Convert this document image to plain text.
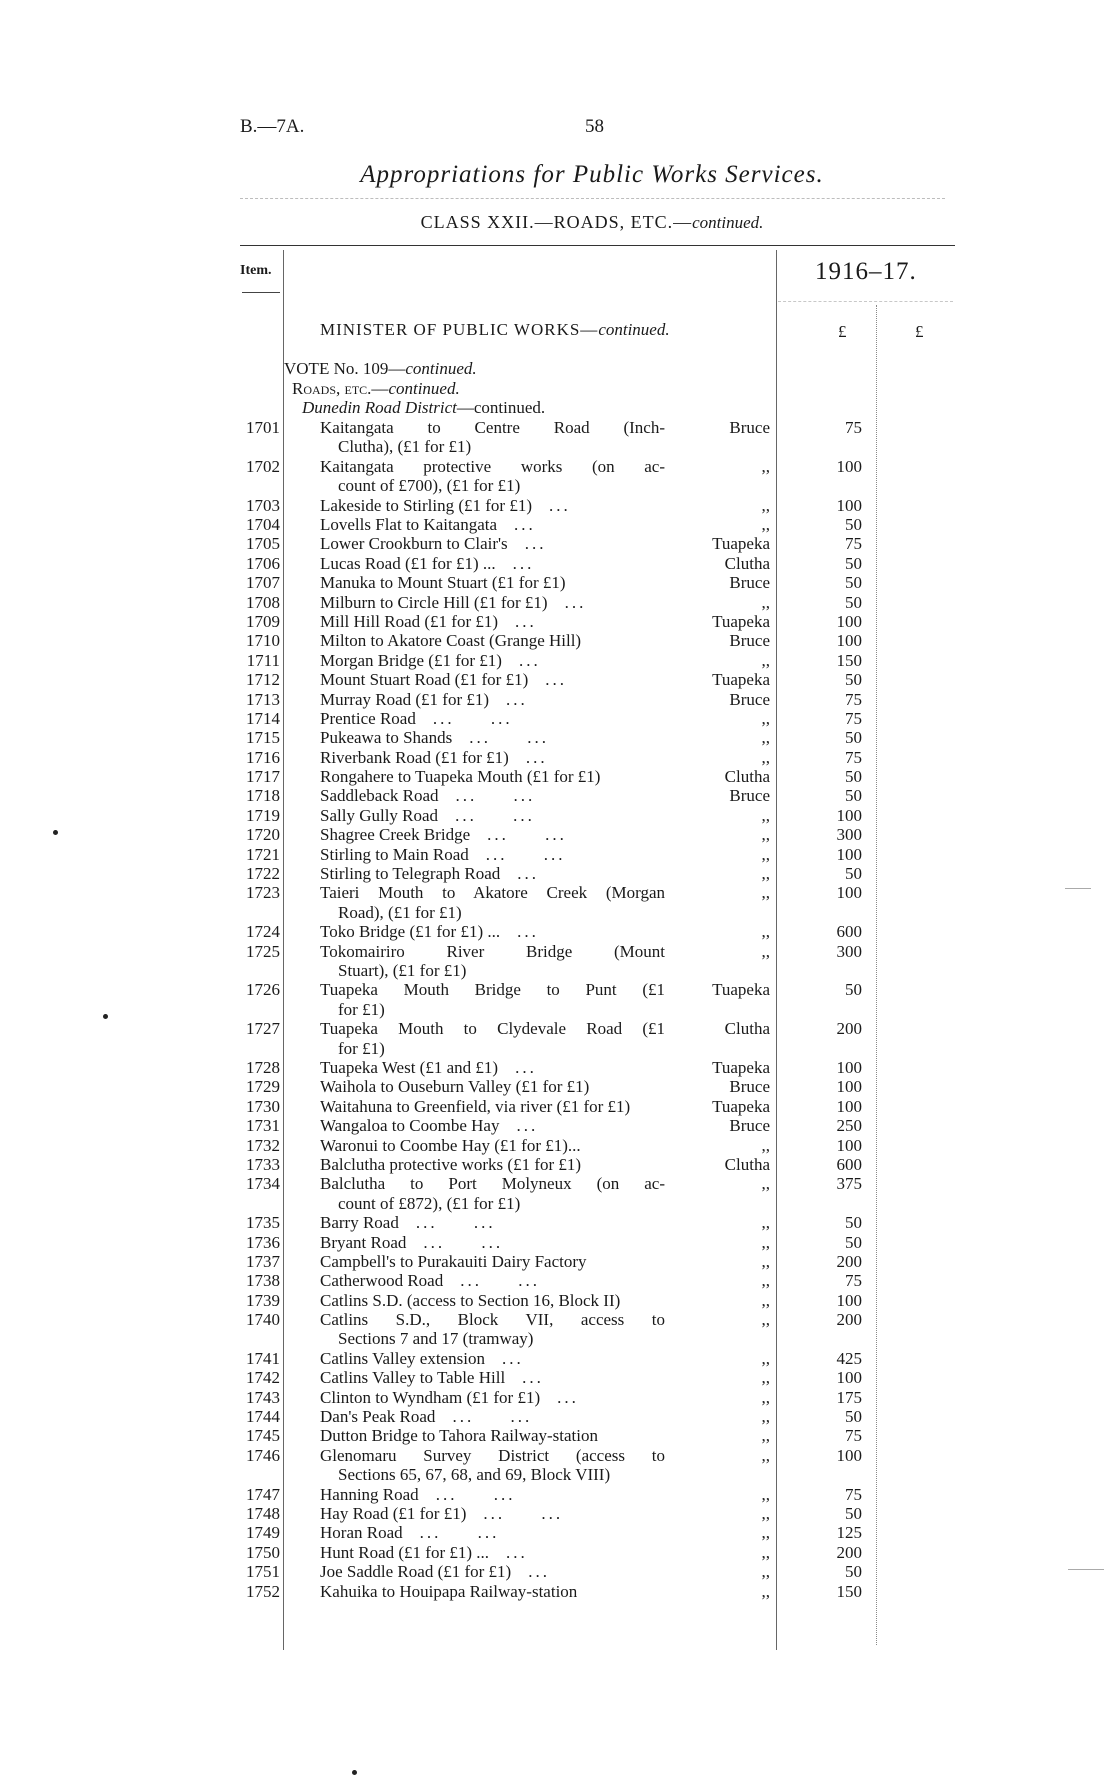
B.—7A.	58
Appropriations for Public Works Services.
CLASS XXII.—ROADS, ETC.—continued.
Item.	1916–17.
MINISTER OF PUBLIC WORKS—continued.	£	£
VOTE No. 109—continued.
Roads, etc.—continued.
Dunedin Road District—continued.
1701 Kaitangata to Centre Road (Inch-
Clutha), (£1 for £1)
Bruce	75
1702 Kaitangata protective works (on ac-
count of £700), (£1 for £1)
,,	100
1703 Lakeside to Stirling (£1 for £1) ...	,,	100
1704 Lovells Flat to Kaitangata ...	,,	50
1705 Lower Crookburn to Clair's ...	Tuapeka	75
1706 Lucas Road (£1 for £1) ... ...	Clutha	50
1707 Manuka to Mount Stuart (£1 for £1)	Bruce	50
1708 Milburn to Circle Hill (£1 for £1) ...	,,	50
1709 Mill Hill Road (£1 for £1) ...	Tuapeka	100
1710 Milton to Akatore Coast (Grange Hill)	Bruce	100
1711 Morgan Bridge (£1 for £1) ...	,,	150
1712 Mount Stuart Road (£1 for £1) ...	Tuapeka	50
1713 Murray Road (£1 for £1) ...	Bruce	75
1714 Prentice Road ...     ...	,,	75
1715 Pukeawa to Shands ...     ...	,,	50
1716 Riverbank Road (£1 for £1) ...	,,	75
1717 Rongahere to Tuapeka Mouth (£1 for £1)	Clutha	50
1718 Saddleback Road ...     ...	Bruce	50
1719 Sally Gully Road ...     ...	,,	100
1720 Shagree Creek Bridge ...     ...	,,	300
1721 Stirling to Main Road ...     ...	,,	100
1722 Stirling to Telegraph Road ...	,,	50
1723 Taieri Mouth to Akatore Creek (Morgan
Road), (£1 for £1)
,,	100
1724 Toko Bridge (£1 for £1) ... ...	,,	600
1725 Tokomairiro River Bridge (Mount
Stuart), (£1 for £1)
,,	300
1726 Tuapeka Mouth Bridge to Punt (£1
for £1)
Tuapeka	50
1727 Tuapeka Mouth to Clydevale Road (£1
for £1)
Clutha	200
1728 Tuapeka West (£1 and £1) ...	Tuapeka	100
1729 Waihola to Ouseburn Valley (£1 for £1)	Bruce	100
1730 Waitahuna to Greenfield, via river (£1 for £1)	Tuapeka	100
1731 Wangaloa to Coombe Hay ...	Bruce	250
1732 Waronui to Coombe Hay (£1 for £1)...	,,	100
1733 Balclutha protective works (£1 for £1)	Clutha	600
1734 Balclutha to Port Molyneux (on ac-
count of £872), (£1 for £1)
,,	375
1735 Barry Road ...     ...	,,	50
1736 Bryant Road ...     ...	,,	50
1737 Campbell's to Purakauiti Dairy Factory	,,	200
1738 Catherwood Road ...     ...	,,	75
1739 Catlins S.D. (access to Section 16, Block II)	,,	100
1740 Catlins S.D., Block VII, access to
Sections 7 and 17 (tramway)
,,	200
1741 Catlins Valley extension ...	,,	425
1742 Catlins Valley to Table Hill ...	,,	100
1743 Clinton to Wyndham (£1 for £1) ...	,,	175
1744 Dan's Peak Road ...     ...	,,	50
1745 Dutton Bridge to Tahora Railway-station	,,	75
1746 Glenomaru Survey District (access to
Sections 65, 67, 68, and 69, Block VIII)
,,	100
1747 Hanning Road ...     ...	,,	75
1748 Hay Road (£1 for £1) ...     ...	,,	50
1749 Horan Road ...     ...	,,	125
1750 Hunt Road (£1 for £1) ... ...	,,	200
1751 Joe Saddle Road (£1 for £1) ...	,,	50
1752 Kahuika to Houipapa Railway-station	,,	150
